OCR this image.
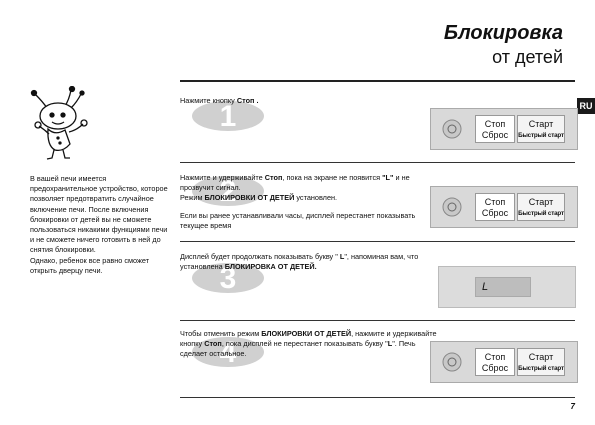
Блокировка
от детей
RU

В вашей печи имеется предохранительное устройство, которое позволяет предотвратить случайное включение печи. После включения блокировки от детей вы не сможете пользоваться никакими функциями печи и не сможете ничего готовить в ней до снятия блокировки.

Однако, ребенок все равно сможет открыть дверцу печи.

1
2
3
4

Нажмите кнопку Стоп .

Стоп
Сброс
Старт
Быстрый старт

Нажмите и удерживайте Стоп, пока на экране не появится "L" и не прозвучит сигнал.
Режим БЛОКИРОВКИ ОТ ДЕТЕЙ установлен.

Если вы ранее устанавливали часы, дисплей перестанет показывать текущее время

Стоп
Сброс
Старт
Быстрый старт

Дисплей будет продолжать показывать букву " L", напоминая вам, что установлена БЛОКИРОВКА ОТ ДЕТЕЙ.

L

Чтобы отменить режим БЛОКИРОВКИ ОТ ДЕТЕЙ, нажмите и удерживайте кнопку Стоп, пока дисплей не перестанет показывать букву "L". Печь сделает остальное.	Стоп
Сброс
Старт
Быстрый старт
7
